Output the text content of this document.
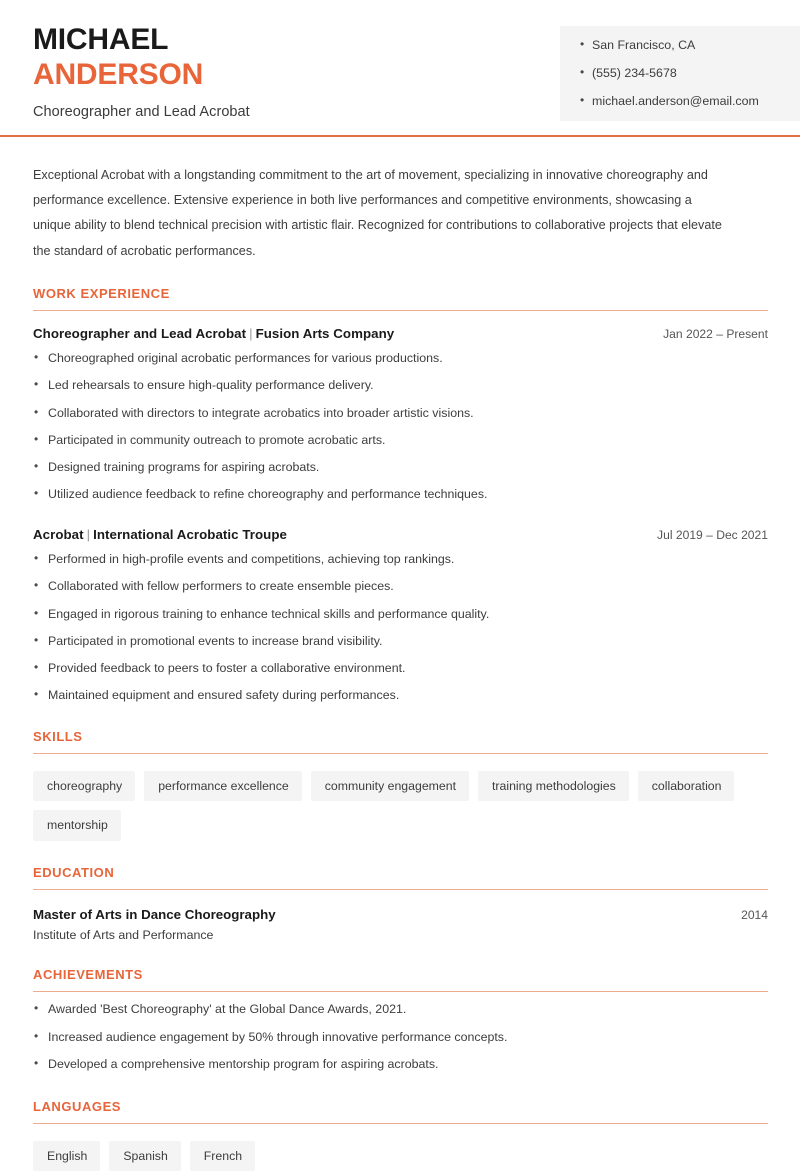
MICHAEL
ANDERSON
Choreographer and Lead Acrobat
• San Francisco, CA
• (555) 234-5678
• michael.anderson@email.com

Exceptional Acrobat with a longstanding commitment to the art of movement, specializing in innovative choreography and performance excellence. Extensive experience in both live performances and competitive environments, showcasing a unique ability to blend technical precision with artistic flair. Recognized for contributions to collaborative projects that elevate the standard of acrobatic performances.

WORK EXPERIENCE
Choreographer and Lead Acrobat | Fusion Arts Company	Jan 2022 – Present
• Choreographed original acrobatic performances for various productions.
• Led rehearsals to ensure high-quality performance delivery.
• Collaborated with directors to integrate acrobatics into broader artistic visions.
• Participated in community outreach to promote acrobatic arts.
• Designed training programs for aspiring acrobats.
• Utilized audience feedback to refine choreography and performance techniques.
Acrobat | International Acrobatic Troupe	Jul 2019 – Dec 2021
• Performed in high-profile events and competitions, achieving top rankings.
• Collaborated with fellow performers to create ensemble pieces.
• Engaged in rigorous training to enhance technical skills and performance quality.
• Participated in promotional events to increase brand visibility.
• Provided feedback to peers to foster a collaborative environment.
• Maintained equipment and ensured safety during performances.
SKILLS
choreography	performance excellence	community engagement	training methodologies	collaboration
mentorship
EDUCATION
Master of Arts in Dance Choreography	2014
Institute of Arts and Performance
ACHIEVEMENTS
• Awarded 'Best Choreography' at the Global Dance Awards, 2021.
• Increased audience engagement by 50% through innovative performance concepts.
• Developed a comprehensive mentorship program for aspiring acrobats.
LANGUAGES
English	Spanish	French
